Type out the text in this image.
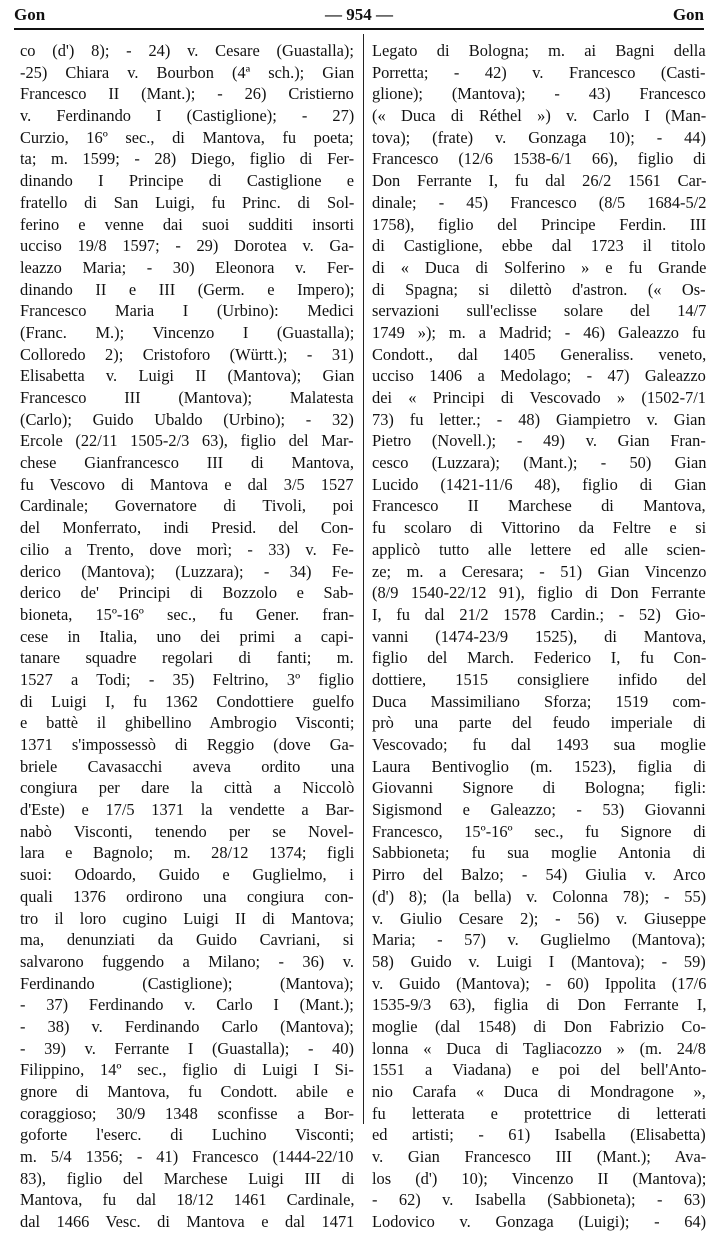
Gon	— 954 —	Gon
co (d') 8); - 24) v. Cesare (Guastalla);
-25) Chiara v. Bourbon (4ª sch.); Gian
Francesco II (Mant.); - 26) Cristierno
v. Ferdinando I (Castiglione); - 27)
Curzio, 16º sec., di Mantova, fu poeta;
ta; m. 1599; - 28) Diego, figlio di Fer-
dinando I Principe di Castiglione e
fratello di San Luigi, fu Princ. di Sol-
ferino e venne dai suoi sudditi insorti
ucciso 19/8 1597; - 29) Dorotea v. Ga-
leazzo Maria; - 30) Eleonora v. Fer-
dinando II e III (Germ. e Impero);
Francesco Maria I (Urbino): Medici
(Franc. M.); Vincenzo I (Guastalla);
Colloredo 2); Cristoforo (Württ.); - 31)
Elisabetta v. Luigi II (Mantova); Gian
Francesco III (Mantova); Malatesta
(Carlo); Guido Ubaldo (Urbino); - 32)
Ercole (22/11 1505-2/3 63), figlio del Mar-
chese Gianfrancesco III di Mantova,
fu Vescovo di Mantova e dal 3/5 1527
Cardinale; Governatore di Tivoli, poi
del Monferrato, indi Presid. del Con-
cilio a Trento, dove morì; - 33) v. Fe-
derico (Mantova); (Luzzara); - 34) Fe-
derico de' Principi di Bozzolo e Sab-
bioneta, 15º-16º sec., fu Gener. fran-
cese in Italia, uno dei primi a capi-
tanare squadre regolari di fanti; m.
1527 a Todi; - 35) Feltrino, 3º figlio
di Luigi I, fu 1362 Condottiere guelfo
e battè il ghibellino Ambrogio Visconti;
1371 s'impossessò di Reggio (dove Ga-
briele Cavasacchi aveva ordito una
congiura per dare la città a Niccolò
d'Este) e 17/5 1371 la vendette a Bar-
nabò Visconti, tenendo per se Novel-
lara e Bagnolo; m. 28/12 1374; figli
suoi: Odoardo, Guido e Guglielmo, i
quali 1376 ordirono una congiura con-
tro il loro cugino Luigi II di Mantova;
ma, denunziati da Guido Cavriani, si
salvarono fuggendo a Milano; - 36) v.
Ferdinando (Castiglione); (Mantova);
- 37) Ferdinando v. Carlo I (Mant.);
- 38) v. Ferdinando Carlo (Mantova);
- 39) v. Ferrante I (Guastalla); - 40)
Filippino, 14º sec., figlio di Luigi I Si-
gnore di Mantova, fu Condott. abile e
coraggioso; 30/9 1348 sconfisse a Bor-
goforte l'eserc. di Luchino Visconti;
m. 5/4 1356; - 41) Francesco (1444-22/10
83), figlio del Marchese Luigi III di
Mantova, fu dal 18/12 1461 Cardinale,
dal 1466 Vesc. di Mantova e dal 1471
Legato di Bologna; m. ai Bagni della
Porretta; - 42) v. Francesco (Casti-
glione); (Mantova); - 43) Francesco
(« Duca di Réthel ») v. Carlo I (Man-
tova); (frate) v. Gonzaga 10); - 44)
Francesco (12/6 1538-6/1 66), figlio di
Don Ferrante I, fu dal 26/2 1561 Car-
dinale; - 45) Francesco (8/5 1684-5/2
1758), figlio del Principe Ferdin. III
di Castiglione, ebbe dal 1723 il titolo
di « Duca di Solferino » e fu Grande
di Spagna; si dilettò d'astron. (« Os-
servazioni sull'eclisse solare del 14/7
1749 »); m. a Madrid; - 46) Galeazzo fu
Condott., dal 1405 Generaliss. veneto,
ucciso 1406 a Medolago; - 47) Galeazzo
dei « Principi di Vescovado » (1502-7/1
73) fu letter.; - 48) Giampietro v. Gian
Pietro (Novell.); - 49) v. Gian Fran-
cesco (Luzzara); (Mant.); - 50) Gian
Lucido (1421-11/6 48), figlio di Gian
Francesco II Marchese di Mantova,
fu scolaro di Vittorino da Feltre e si
applicò tutto alle lettere ed alle scien-
ze; m. a Ceresara; - 51) Gian Vincenzo
(8/9 1540-22/12 91), figlio di Don Ferrante
I, fu dal 21/2 1578 Cardin.; - 52) Gio-
vanni (1474-23/9 1525), di Mantova,
figlio del March. Federico I, fu Con-
dottiere, 1515 consigliere infido del
Duca Massimiliano Sforza; 1519 com-
prò una parte del feudo imperiale di
Vescovado; fu dal 1493 sua moglie
Laura Bentivoglio (m. 1523), figlia di
Giovanni Signore di Bologna; figli:
Sigismond e Galeazzo; - 53) Giovanni
Francesco, 15º-16º sec., fu Signore di
Sabbioneta; fu sua moglie Antonia di
Pirro del Balzo; - 54) Giulia v. Arco
(d') 8); (la bella) v. Colonna 78); - 55)
v. Giulio Cesare 2); - 56) v. Giuseppe
Maria; - 57) v. Guglielmo (Mantova);
58) Guido v. Luigi I (Mantova); - 59)
v. Guido (Mantova); - 60) Ippolita (17/6
1535-9/3 63), figlia di Don Ferrante I,
moglie (dal 1548) di Don Fabrizio Co-
lonna « Duca di Tagliacozzo » (m. 24/8
1551 a Viadana) e poi del bell'Anto-
nio Carafa « Duca di Mondragone »,
fu letterata e protettrice di letterati
ed artisti; - 61) Isabella (Elisabetta)
v. Gian Francesco III (Mant.); Ava-
los (d') 10); Vincenzo II (Mantova);
- 62) v. Isabella (Sabbioneta); - 63)
Lodovico v. Gonzaga (Luigi); - 64)
